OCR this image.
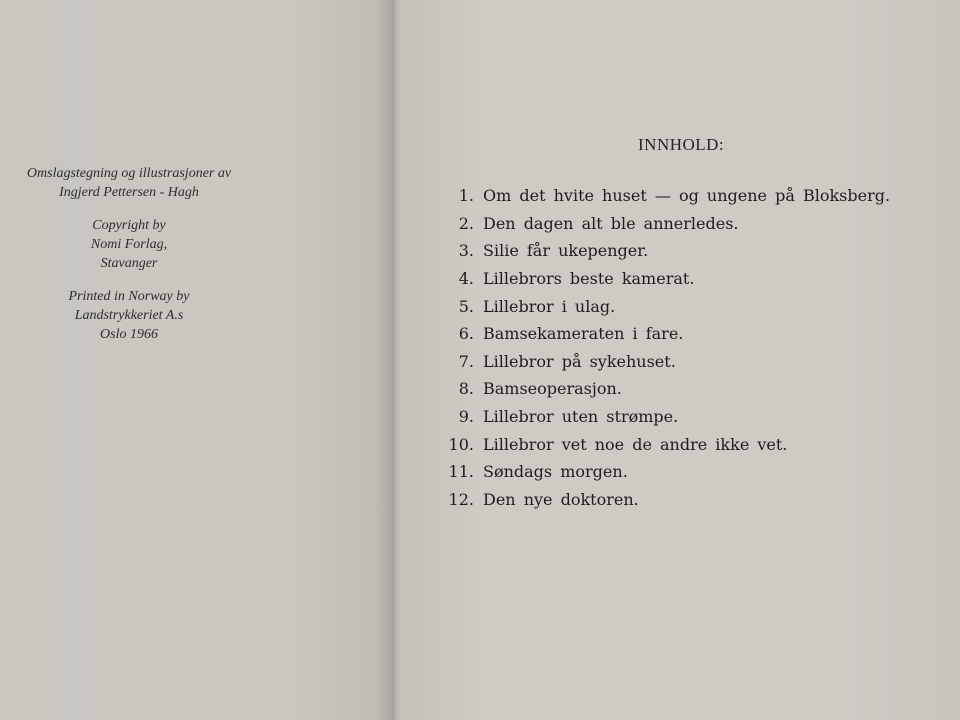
Omslagstegning og illustrasjoner av
Ingjerd Pettersen - Hagh
Copyright by
Nomi Forlag,
Stavanger
Printed in Norway by
Landstrykkeriet A.s
Oslo 1966
INNHOLD:
1. Om det hvite huset — og ungene på Bloksberg.
2. Den dagen alt ble annerledes.
3. Silie får ukepenger.
4. Lillebrors beste kamerat.
5. Lillebror i ulag.
6. Bamsekameraten i fare.
7. Lillebror på sykehuset.
8. Bamseoperasjon.
9. Lillebror uten strømpe.
10. Lillebror vet noe de andre ikke vet.
11. Søndags morgen.
12. Den nye doktoren.
